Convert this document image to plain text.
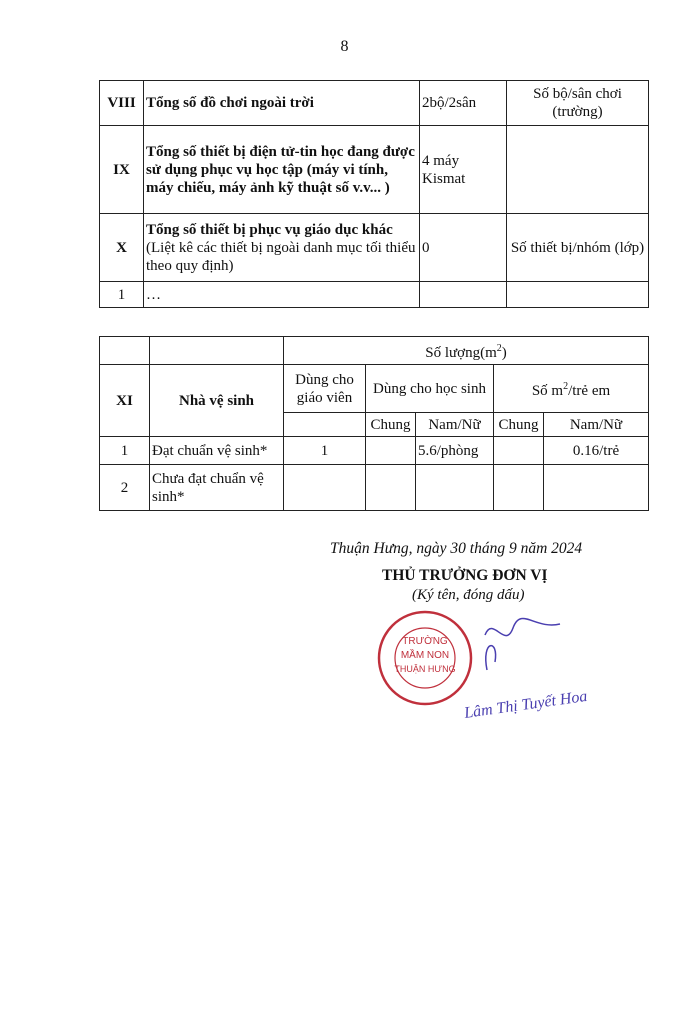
8
VIII	Tổng số đồ chơi ngoài trời	2bộ/2sân	Số bộ/sân chơi (trường)
IX	Tổng số thiết bị điện tử-tin học đang được sử dụng phục vụ học tập (máy vi tính, máy chiếu, máy ảnh kỹ thuật số v.v... )	4 máy Kismat	
X	Tổng số thiết bị phục vụ giáo dục khác (Liệt kê các thiết bị ngoài danh mục tối thiểu theo quy định)	0	Số thiết bị/nhóm (lớp)
1	…		
		Số $lượng(m^2)$				
XI	Nhà vệ sinh	Dùng cho giáo viên	Dùng cho học sinh		Số $m^2$/trẻ em	
			Chung	Nam/Nữ	Chung	Nam/Nữ
1	Đạt chuẩn vệ sinh*	1		5.6/phòng		0.16/trẻ
2	Chưa đạt chuẩn vệ sinh*					
Thuận Hưng, ngày 30 tháng 9 năm 2024
THỦ TRƯỞNG ĐƠN VỊ
(Ký tên, đóng dấu)
TRƯỜNG
MẦM NON
THUẬN HƯNG
Lâm Thị Tuyết Hoa
